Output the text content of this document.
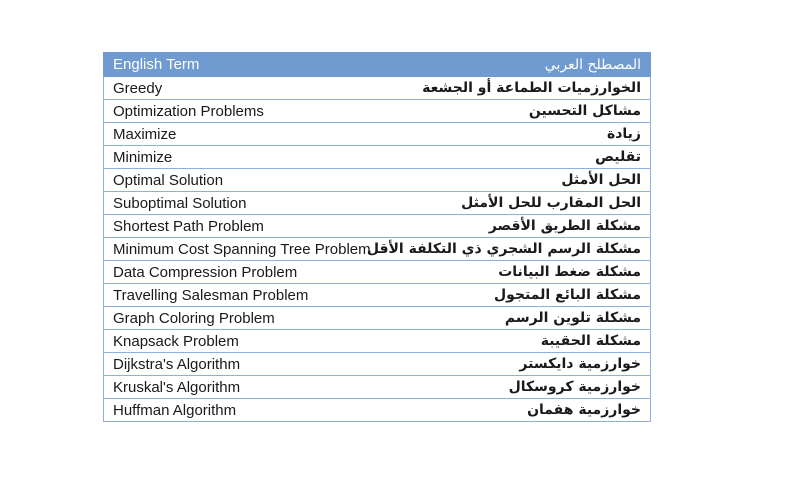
English Term	المصطلح العربي
Greedy	الخوارزميات الطماعة أو الجشعة
Optimization Problems	مشاكل التحسين
Maximize	زيادة
Minimize	تقليص
Optimal Solution	الحل الأمثل
Suboptimal Solution	الحل المقارب للحل الأمثل
Shortest Path Problem	مشكلة الطريق الأقصر
Minimum Cost Spanning Tree Problem	مشكلة الرسم الشجري ذي التكلفة الأقل
Data Compression Problem	مشكلة ضغط البيانات
Travelling Salesman Problem	مشكلة البائع المتجول
Graph Coloring Problem	مشكلة تلوين الرسم
Knapsack Problem	مشكلة الحقيبة
Dijkstra's Algorithm	خوارزمية دايكستر
Kruskal's Algorithm	خوارزمية كروسكال
Huffman Algorithm	خوارزمية هفمان
